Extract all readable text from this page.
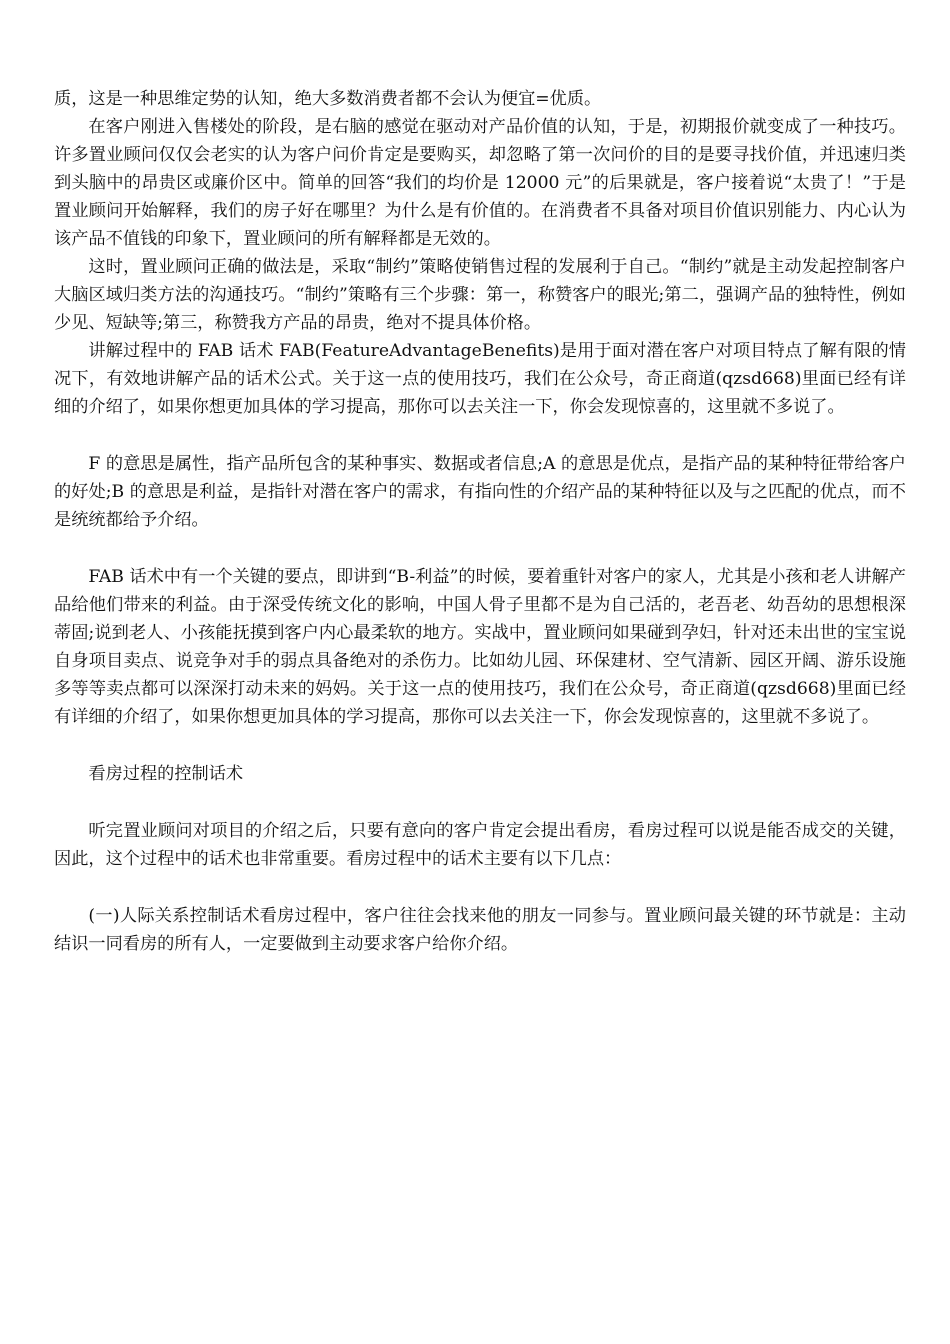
质，这是一种思维定势的认知，绝大多数消费者都不会认为便宜=优质。

在客户刚进入售楼处的阶段，是右脑的感觉在驱动对产品价值的认知，于是，初期报价就变成了一种技巧。许多置业顾问仅仅会老实的认为客户问价肯定是要购买，却忽略了第一次问价的目的是要寻找价值，并迅速归类到头脑中的昂贵区或廉价区中。简单的回答“我们的均价是 12000 元”的后果就是，客户接着说“太贵了！”于是置业顾问开始解释，我们的房子好在哪里？为什么是有价值的。在消费者不具备对项目价值识别能力、内心认为该产品不值钱的印象下，置业顾问的所有解释都是无效的。

这时，置业顾问正确的做法是，采取“制约”策略使销售过程的发展利于自己。“制约”就是主动发起控制客户大脑区域归类方法的沟通技巧。“制约”策略有三个步骤：第一，称赞客户的眼光;第二，强调产品的独特性，例如少见、短缺等;第三，称赞我方产品的昂贵，绝对不提具体价格。

讲解过程中的 FAB 话术 FAB(FeatureAdvantageBenefits)是用于面对潜在客户对项目特点了解有限的情况下，有效地讲解产品的话术公式。关于这一点的使用技巧，我们在公众号，奇正商道(qzsd668)里面已经有详细的介绍了，如果你想更加具体的学习提高，那你可以去关注一下，你会发现惊喜的，这里就不多说了。

F 的意思是属性，指产品所包含的某种事实、数据或者信息;A 的意思是优点，是指产品的某种特征带给客户的好处;B 的意思是利益，是指针对潜在客户的需求，有指向性的介绍产品的某种特征以及与之匹配的优点，而不是统统都给予介绍。

FAB 话术中有一个关键的要点，即讲到“B-利益”的时候，要着重针对客户的家人，尤其是小孩和老人讲解产品给他们带来的利益。由于深受传统文化的影响，中国人骨子里都不是为自己活的，老吾老、幼吾幼的思想根深蒂固;说到老人、小孩能抚摸到客户内心最柔软的地方。实战中，置业顾问如果碰到孕妇，针对还未出世的宝宝说自身项目卖点、说竞争对手的弱点具备绝对的杀伤力。比如幼儿园、环保建材、空气清新、园区开阔、游乐设施多等等卖点都可以深深打动未来的妈妈。关于这一点的使用技巧，我们在公众号，奇正商道(qzsd668)里面已经有详细的介绍了，如果你想更加具体的学习提高，那你可以去关注一下，你会发现惊喜的，这里就不多说了。

看房过程的控制话术

听完置业顾问对项目的介绍之后，只要有意向的客户肯定会提出看房，看房过程可以说是能否成交的关键，因此，这个过程中的话术也非常重要。看房过程中的话术主要有以下几点：

(一)人际关系控制话术看房过程中，客户往往会找来他的朋友一同参与。置业顾问最关键的环节就是：主动结识一同看房的所有人，一定要做到主动要求客户给你介绍。
